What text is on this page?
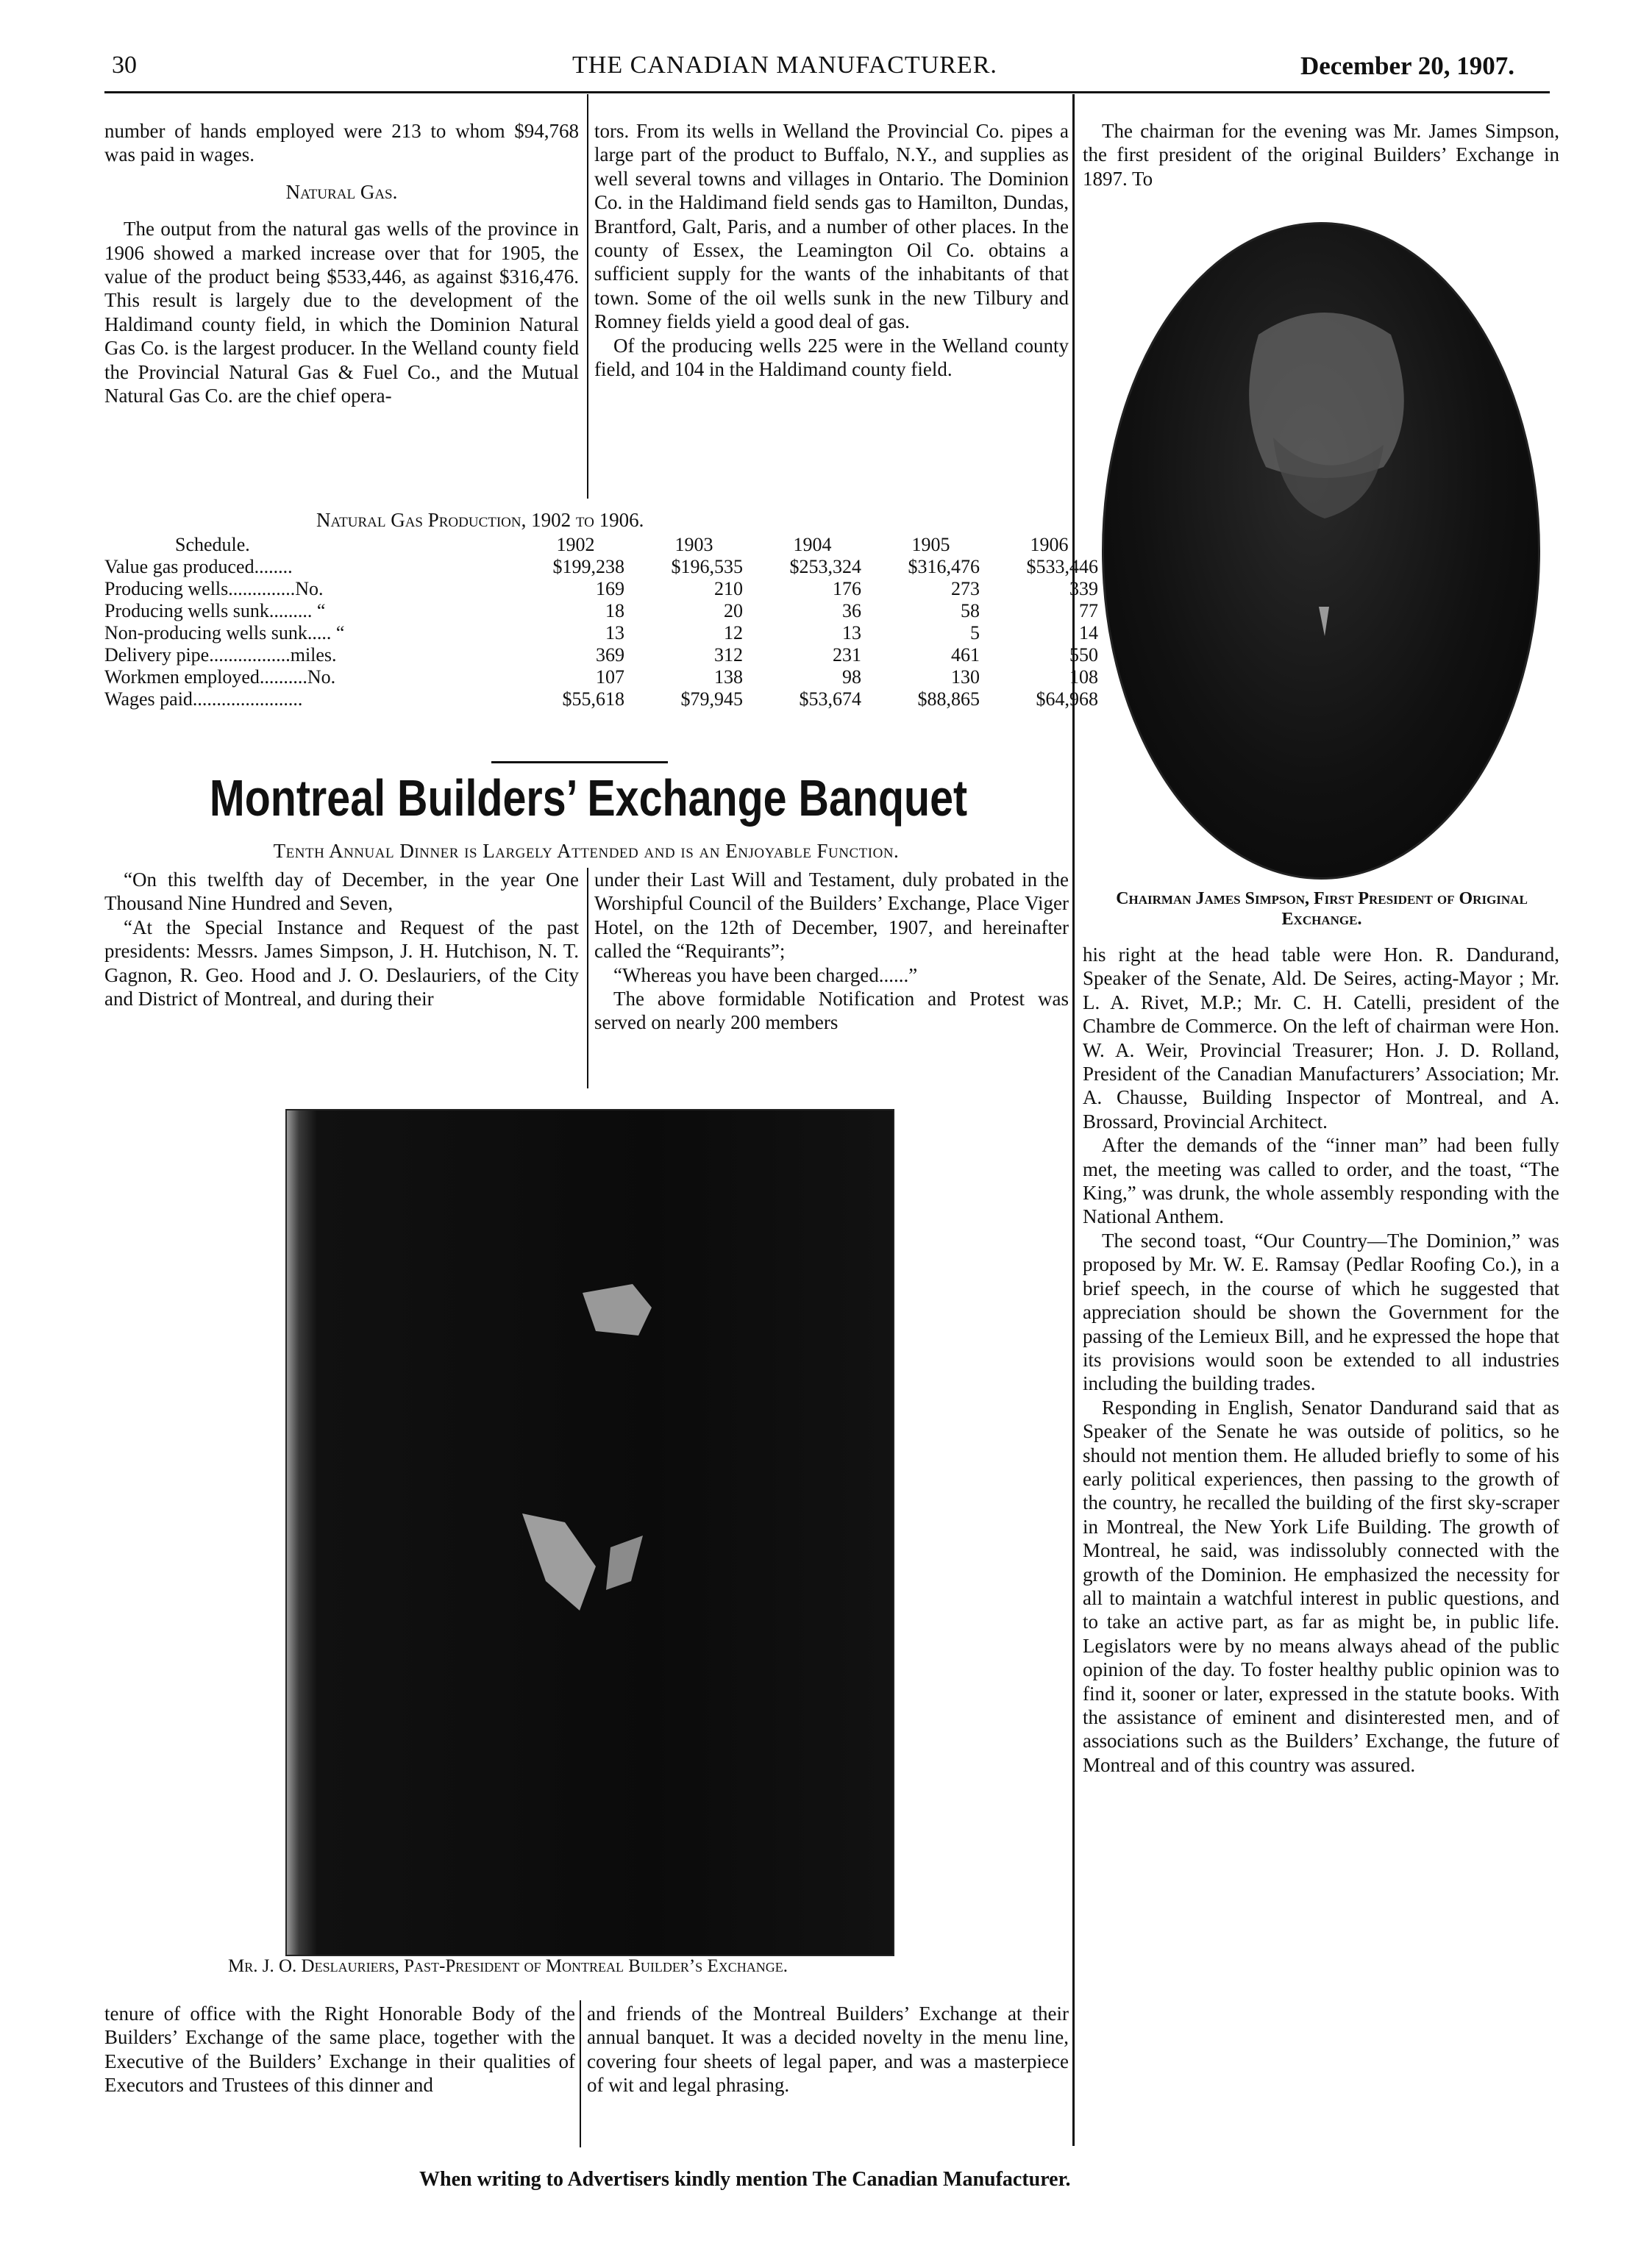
30	THE CANADIAN MANUFACTURER.	December 20, 1907.

number of hands employed were 213 to whom $94,768 was paid in wages.

Natural Gas.

The output from the natural gas wells of the province in 1906 showed a marked increase over that for 1905, the value of the product being $533,446, as against $316,476. This result is largely due to the development of the Haldimand county field, in which the Dominion Natural Gas Co. is the largest producer. In the Welland county field the Provincial Natural Gas & Fuel Co., and the Mutual Natural Gas Co. are the chief opera-

tors. From its wells in Welland the Provincial Co. pipes a large part of the product to Buffalo, N.Y., and supplies as well several towns and villages in Ontario. The Dominion Co. in the Haldimand field sends gas to Hamilton, Dundas, Brantford, Galt, Paris, and a number of other places. In the county of Essex, the Leamington Oil Co. obtains a sufficient supply for the wants of the inhabitants of that town. Some of the oil wells sunk in the new Tilbury and Romney fields yield a good deal of gas.

Of the producing wells 225 were in the Welland county field, and 104 in the Haldimand county field.

Natural Gas Production, 1902 to 1906.
Schedule.	1902	1903	1904	1905	1906
Value gas produced........	$199,238	$196,535	$253,324	$316,476	$533,446
Producing wells..............No.	169	210	176	273	339
Producing wells sunk......... “	18	20	36	58	77
Non-producing wells sunk..... “	13	12	13	5	14
Delivery pipe.................miles.	369	312	231	461	550
Workmen employed..........No.	107	138	98	130	108
Wages paid.......................	$55,618	$79,945	$53,674	$88,865	$64,968
Montreal Builders’ Exchange Banquet
Tenth Annual Dinner is Largely Attended and is an Enjoyable Function.

“On this twelfth day of December, in the year One Thousand Nine Hundred and Seven,

“At the Special Instance and Request of the past presidents: Messrs. James Simpson, J. H. Hutchison, N. T. Gagnon, R. Geo. Hood and J. O. Deslauriers, of the City and District of Montreal, and during their

under their Last Will and Testament, duly probated in the Worshipful Council of the Builders’ Exchange, Place Viger Hotel, on the 12th of December, 1907, and hereinafter called the “Requirants”;

“Whereas you have been charged......”

The above formidable Notification and Protest was served on nearly 200 members

Mr. J. O. Deslauriers, Past-President of Montreal Builder’s Exchange.

tenure of office with the Right Honorable Body of the Builders’ Exchange of the same place, together with the Executive of the Builders’ Exchange in their qualities of Executors and Trustees of this dinner and

and friends of the Montreal Builders’ Exchange at their annual banquet. It was a decided novelty in the menu line, covering four sheets of legal paper, and was a masterpiece of wit and legal phrasing.

The chairman for the evening was Mr. James Simpson, the first president of the original Builders’ Exchange in 1897. To

Chairman James Simpson, First President of Original Exchange.

his right at the head table were Hon. R. Dandurand, Speaker of the Senate, Ald. De Seires, acting-Mayor ; Mr. L. A. Rivet, M.P.; Mr. C. H. Catelli, president of the Chambre de Commerce. On the left of chairman were Hon. W. A. Weir, Provincial Treasurer; Hon. J. D. Rolland, President of the Canadian Manufacturers’ Association; Mr. A. Chausse, Building Inspector of Montreal, and A. Brossard, Provincial Architect.

After the demands of the “inner man” had been fully met, the meeting was called to order, and the toast, “The King,” was drunk, the whole assembly responding with the National Anthem.

The second toast, “Our Country—The Dominion,” was proposed by Mr. W. E. Ramsay (Pedlar Roofing Co.), in a brief speech, in the course of which he suggested that appreciation should be shown the Government for the passing of the Lemieux Bill, and he expressed the hope that its provisions would soon be extended to all industries including the building trades.

Responding in English, Senator Dandurand said that as Speaker of the Senate he was outside of politics, so he should not mention them. He alluded briefly to some of his early political experiences, then passing to the growth of the country, he recalled the building of the first sky-scraper in Montreal, the New York Life Building. The growth of Montreal, he said, was indissolubly connected with the growth of the Dominion. He emphasized the necessity for all to maintain a watchful interest in public questions, and to take an active part, as far as might be, in public life. Legislators were by no means always ahead of the public opinion of the day. To foster healthy public opinion was to find it, sooner or later, expressed in the statute books. With the assistance of eminent and disinterested men, and of associations such as the Builders’ Exchange, the future of Montreal and of this country was assured.

When writing to Advertisers kindly mention The Canadian Manufacturer.
